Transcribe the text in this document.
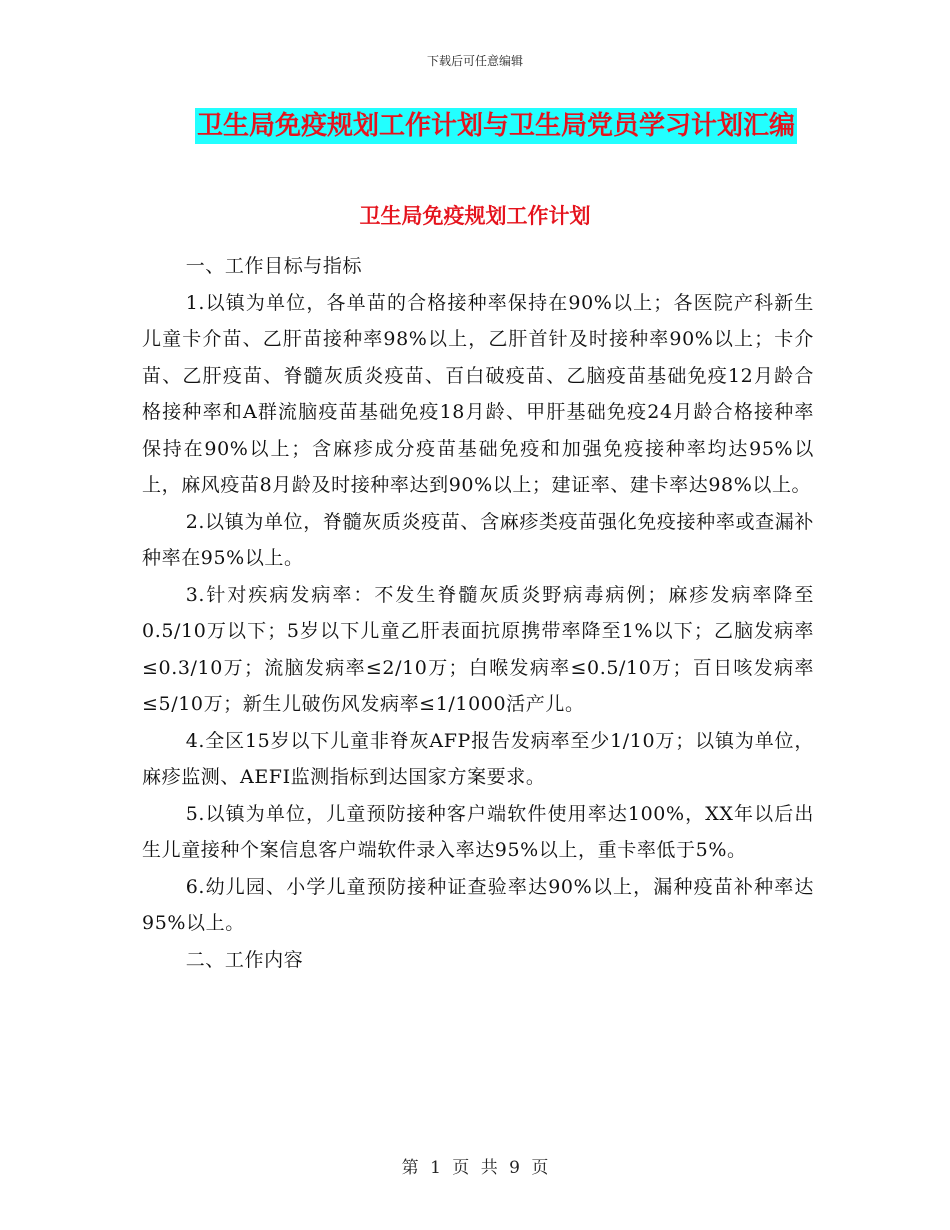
下载后可任意编辑
卫生局免疫规划工作计划与卫生局党员学习计划汇编
卫生局免疫规划工作计划

一、工作目标与指标

1.以镇为单位，各单苗的合格接种率保持在90%以上；各医院产科新生儿童卡介苗、乙肝苗接种率98%以上，乙肝首针及时接种率90%以上；卡介苗、乙肝疫苗、脊髓灰质炎疫苗、百白破疫苗、乙脑疫苗基础免疫12月龄合格接种率和A群流脑疫苗基础免疫18月龄、甲肝基础免疫24月龄合格接种率保持在90%以上；含麻疹成分疫苗基础免疫和加强免疫接种率均达95%以上，麻风疫苗8月龄及时接种率达到90%以上；建证率、建卡率达98%以上。

2.以镇为单位，脊髓灰质炎疫苗、含麻疹类疫苗强化免疫接种率或查漏补种率在95%以上。

3.针对疾病发病率：不发生脊髓灰质炎野病毒病例；麻疹发病率降至0.5/10万以下；5岁以下儿童乙肝表面抗原携带率降至1%以下；乙脑发病率≤0.3/10万；流脑发病率≤2/10万；白喉发病率≤0.5/10万；百日咳发病率≤5/10万；新生儿破伤风发病率≤1/1000活产儿。

4.全区15岁以下儿童非脊灰AFP报告发病率至少1/10万；以镇为单位，麻疹监测、AEFI监测指标到达国家方案要求。

5.以镇为单位，儿童预防接种客户端软件使用率达100%，XX年以后出生儿童接种个案信息客户端软件录入率达95%以上，重卡率低于5%。

6.幼儿园、小学儿童预防接种证查验率达90%以上，漏种疫苗补种率达95%以上。

二、工作内容

第 1 页 共 9 页
